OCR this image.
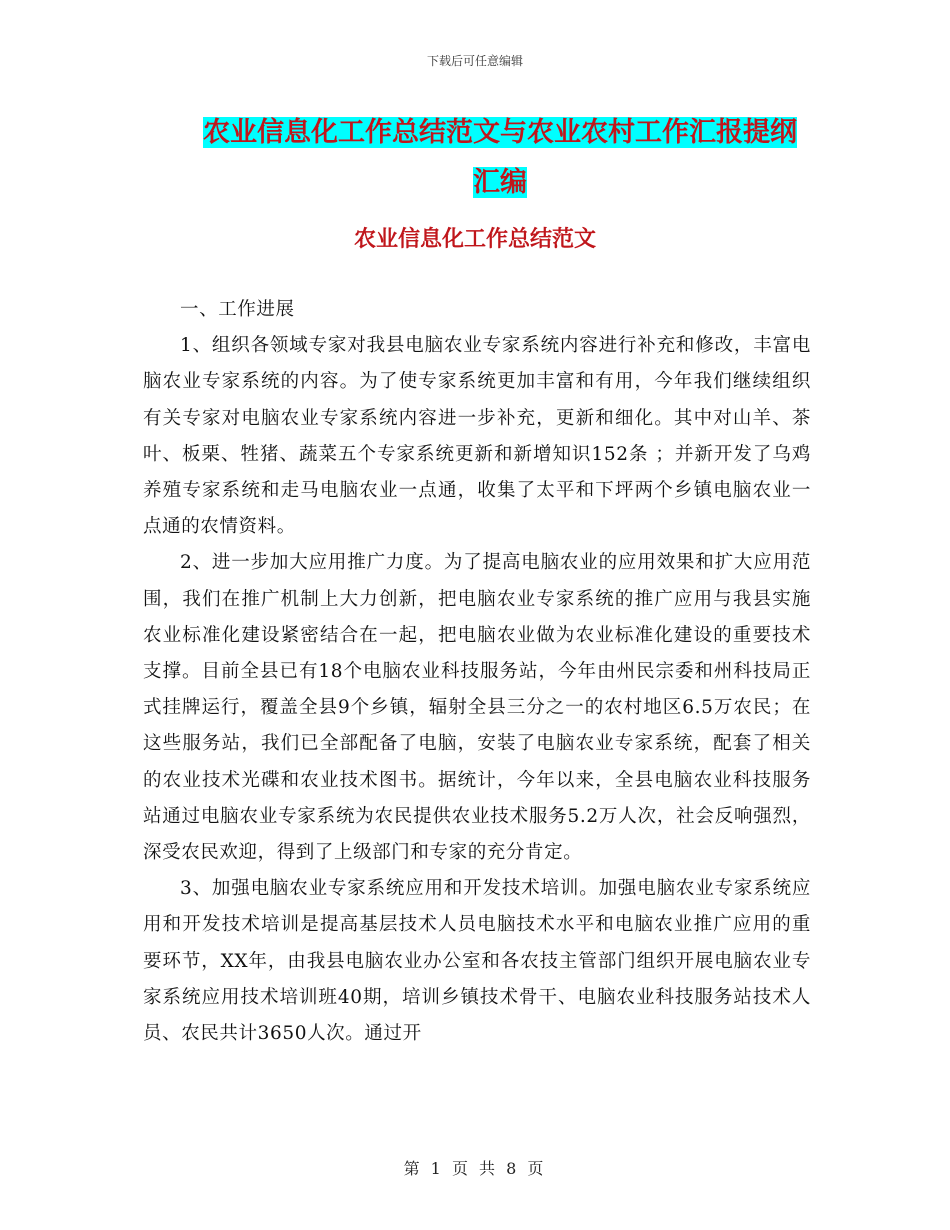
下载后可任意编辑
农业信息化工作总结范文与农业农村工作汇报提纲汇编
农业信息化工作总结范文

一、工作进展

1、组织各领域专家对我县电脑农业专家系统内容进行补充和修改，丰富电脑农业专家系统的内容。为了使专家系统更加丰富和有用，今年我们继续组织有关专家对电脑农业专家系统内容进一步补充，更新和细化。其中对山羊、茶叶、板栗、牲猪、蔬菜五个专家系统更新和新增知识152条 ；并新开发了乌鸡养殖专家系统和走马电脑农业一点通，收集了太平和下坪两个乡镇电脑农业一点通的农情资料。

2、进一步加大应用推广力度。为了提高电脑农业的应用效果和扩大应用范围，我们在推广机制上大力创新，把电脑农业专家系统的推广应用与我县实施农业标准化建设紧密结合在一起，把电脑农业做为农业标准化建设的重要技术支撑。目前全县已有18个电脑农业科技服务站，今年由州民宗委和州科技局正式挂牌运行，覆盖全县9个乡镇，辐射全县三分之一的农村地区6.5万农民；在这些服务站，我们已全部配备了电脑，安装了电脑农业专家系统，配套了相关的农业技术光碟和农业技术图书。据统计，今年以来，全县电脑农业科技服务站通过电脑农业专家系统为农民提供农业技术服务5.2万人次，社会反响强烈，深受农民欢迎，得到了上级部门和专家的充分肯定。

3、加强电脑农业专家系统应用和开发技术培训。加强电脑农业专家系统应用和开发技术培训是提高基层技术人员电脑技术水平和电脑农业推广应用的重要环节，XX年，由我县电脑农业办公室和各农技主管部门组织开展电脑农业专家系统应用技术培训班40期，培训乡镇技术骨干、电脑农业科技服务站技术人员、农民共计3650人次。通过开

第 1 页 共 8 页
